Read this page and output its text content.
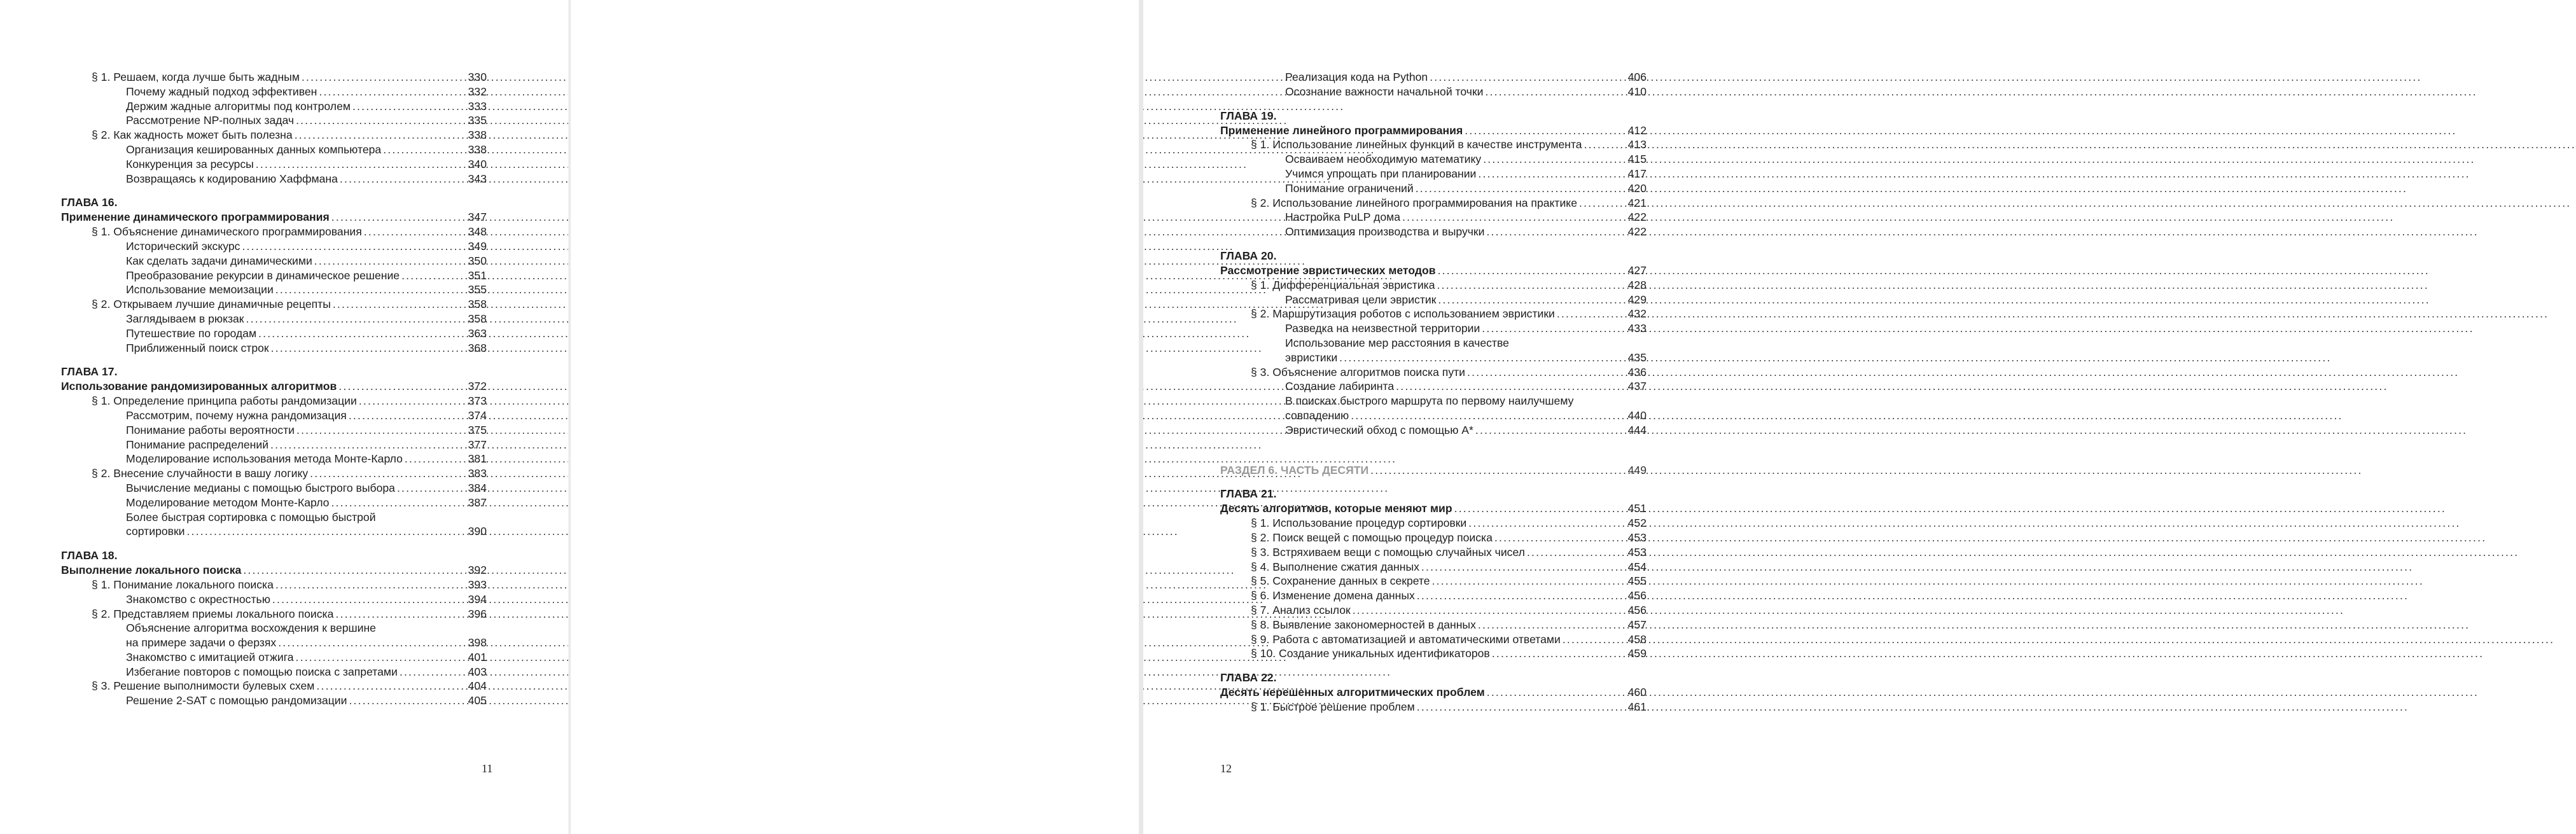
§ 1. Решаем, когда лучше быть жадным .....	330
Почему жадный подход эффективен .....	332
Держим жадные алгоритмы под контролем .....	333
Рассмотрение NP-полных задач .....	335
§ 2. Как жадность может быть полезна .....	338
Организация кешированных данных компьютера .....	338
Конкуренция за ресурсы .....	340
Возвращаясь к кодированию Хаффмана .....	343
ГЛАВА 16.
Применение динамического программирования .....	347
§ 1. Объяснение динамического программирования .....	348
Исторический экскурс .....	349
Как сделать задачи динамическими .....	350
Преобразование рекурсии в динамическое решение .....	351
Использование мемоизации .....	355
§ 2. Открываем лучшие динамичные рецепты .....	358
Заглядываем в рюкзак .....	358
Путешествие по городам .....	363
Приближенный поиск строк .....	368
ГЛАВА 17.
Использование рандомизированных алгоритмов .....	372
§ 1. Определение принципа работы рандомизации .....	373
Рассмотрим, почему нужна рандомизация .....	374
Понимание работы вероятности .....	375
Понимание распределений .....	377
Моделирование использования метода Монте-Карло .....	381
§ 2. Внесение случайности в вашу логику .....	383
Вычисление медианы с помощью быстрого выбора .....	384
Моделирование методом Монте-Карло .....	387
Более быстрая сортировка с помощью быстрой
сортировки .....	390
ГЛАВА 18.
Выполнение локального поиска .....	392
§ 1. Понимание локального поиска .....	393
Знакомство с окрестностью .....	394
§ 2. Представляем приемы локального поиска .....	396
Объяснение алгоритма восхождения к вершине
на примере задачи о ферзях .....	398
Знакомство с имитацией отжига .....	401
Избегание повторов с помощью поиска с запретами .....	403
§ 3. Решение выполнимости булевых схем .....	404
Решение 2-SAT с помощью рандомизации .....	405
11
Реализация кода на Python .....	406
Осознание важности начальной точки .....	410
ГЛАВА 19.
Применение линейного программирования .....	412
§ 1. Использование линейных функций в качестве инструмента .....	413
Осваиваем необходимую математику .....	415
Учимся упрощать при планировании .....	417
Понимание ограничений .....	420
§ 2. Использование линейного программирования на практике .....	421
Настройка PuLP дома .....	422
Оптимизация производства и выручки .....	422
ГЛАВА 20.
Рассмотрение эвристических методов .....	427
§ 1. Дифференциальная эвристика .....	428
Рассматривая цели эвристик .....	429
§ 2. Маршрутизация роботов с использованием эвристики .....	432
Разведка на неизвестной территории .....	433
Использование мер расстояния в качестве
эвристики .....	435
§ 3. Объяснение алгоритмов поиска пути .....	436
Создание лабиринта .....	437
В поисках быстрого маршрута по первому наилучшему
совпадению .....	440
Эвристический обход с помощью A* .....	444
РАЗДЕЛ 6. ЧАСТЬ ДЕСЯТИ .....	449
ГЛАВА 21.
Десять алгоритмов, которые меняют мир .....	451
§ 1. Использование процедур сортировки .....	452
§ 2. Поиск вещей с помощью процедур поиска .....	453
§ 3. Встряхиваем вещи с помощью случайных чисел .....	453
§ 4. Выполнение сжатия данных .....	454
§ 5. Сохранение данных в секрете .....	455
§ 6. Изменение домена данных .....	456
§ 7. Анализ ссылок .....	456
§ 8. Выявление закономерностей в данных .....	457
§ 9. Работа с автоматизацией и автоматическими ответами .....	458
§ 10. Создание уникальных идентификаторов .....	459
ГЛАВА 22.
Десять нерешенных алгоритмических проблем .....	460
§ 1. Быстрое решение проблем .....	461
12
